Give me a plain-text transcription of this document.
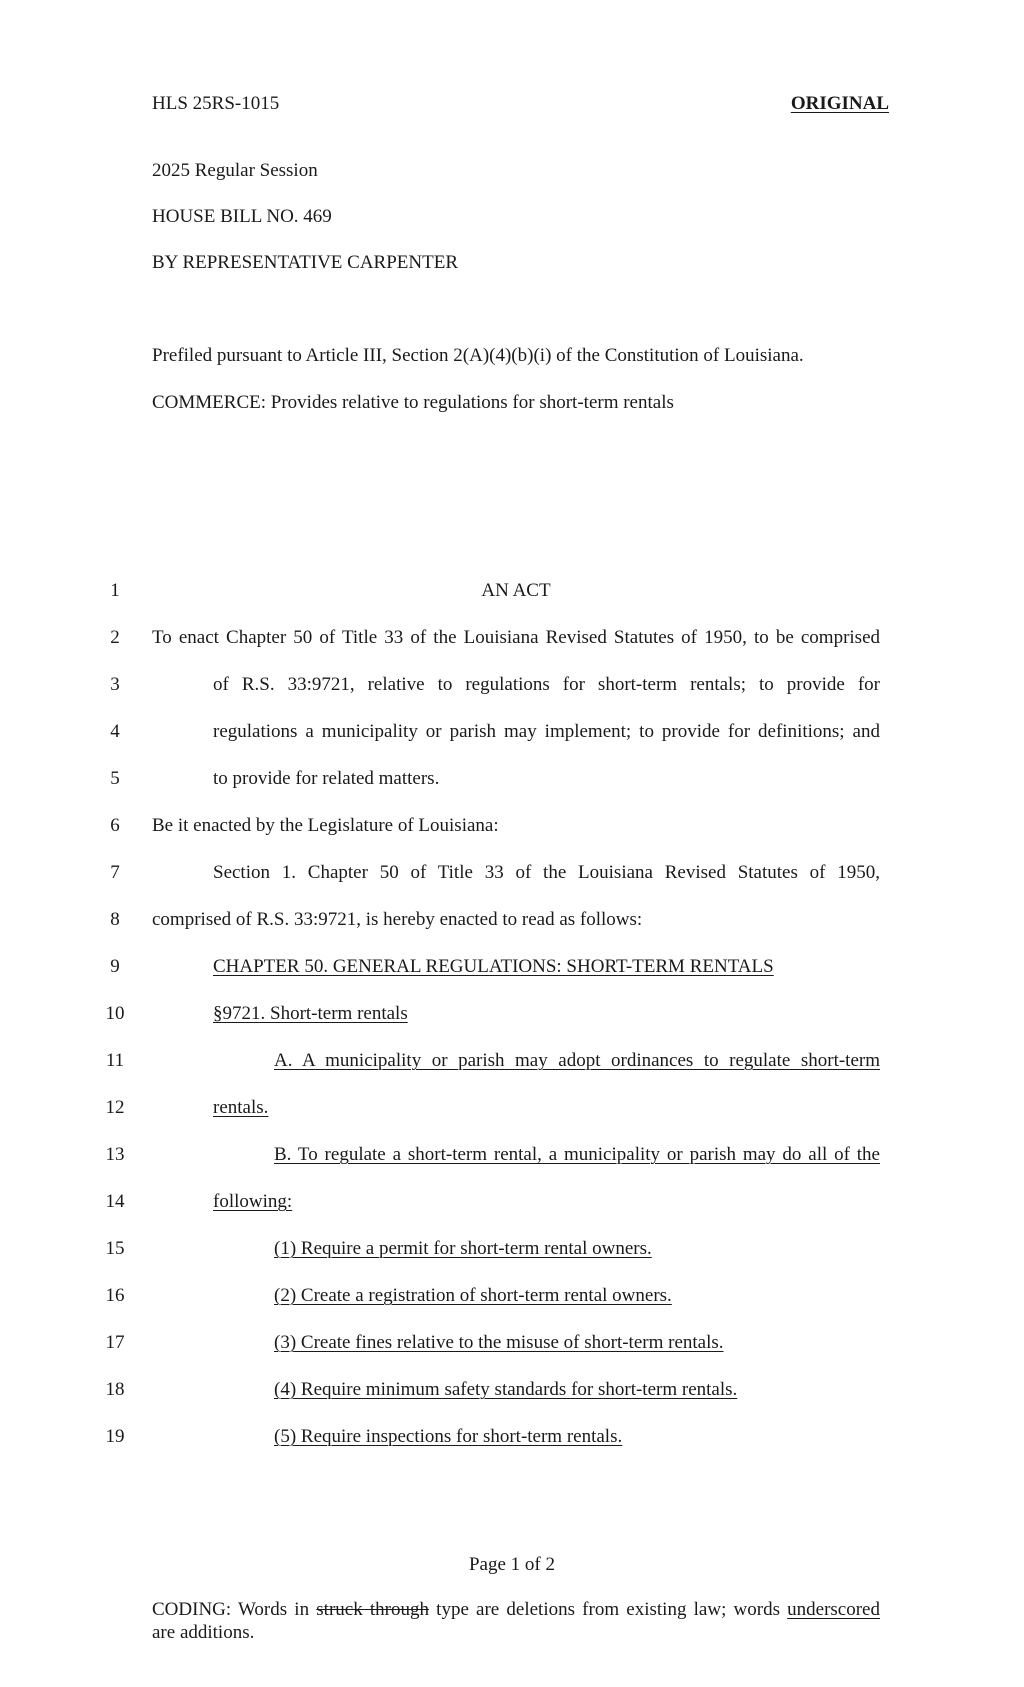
HLS 25RS-1015	ORIGINAL
2025 Regular Session
HOUSE BILL NO. 469
BY REPRESENTATIVE CARPENTER
Prefiled pursuant to Article III, Section 2(A)(4)(b)(i) of the Constitution of Louisiana.
COMMERCE: Provides relative to regulations for short-term rentals
1	AN ACT
2	To enact Chapter 50 of Title 33 of the Louisiana Revised Statutes of 1950, to be comprised
3	of R.S. 33:9721, relative to regulations for short-term rentals; to provide for
4	regulations a municipality or parish may implement; to provide for definitions; and
5	to provide for related matters.
6	Be it enacted by the Legislature of Louisiana:
7	Section 1. Chapter 50 of Title 33 of the Louisiana Revised Statutes of 1950,
8	comprised of R.S. 33:9721, is hereby enacted to read as follows:
9	CHAPTER 50. GENERAL REGULATIONS: SHORT-TERM RENTALS
10	§9721. Short-term rentals
11	A. A municipality or parish may adopt ordinances to regulate short-term
12	rentals.
13	B. To regulate a short-term rental, a municipality or parish may do all of the
14	following:
15	(1) Require a permit for short-term rental owners.
16	(2) Create a registration of short-term rental owners.
17	(3) Create fines relative to the misuse of short-term rentals.
18	(4) Require minimum safety standards for short-term rentals.
19	(5) Require inspections for short-term rentals.
Page 1 of 2
CODING: Words in struck through type are deletions from existing law; words underscored
are additions.
